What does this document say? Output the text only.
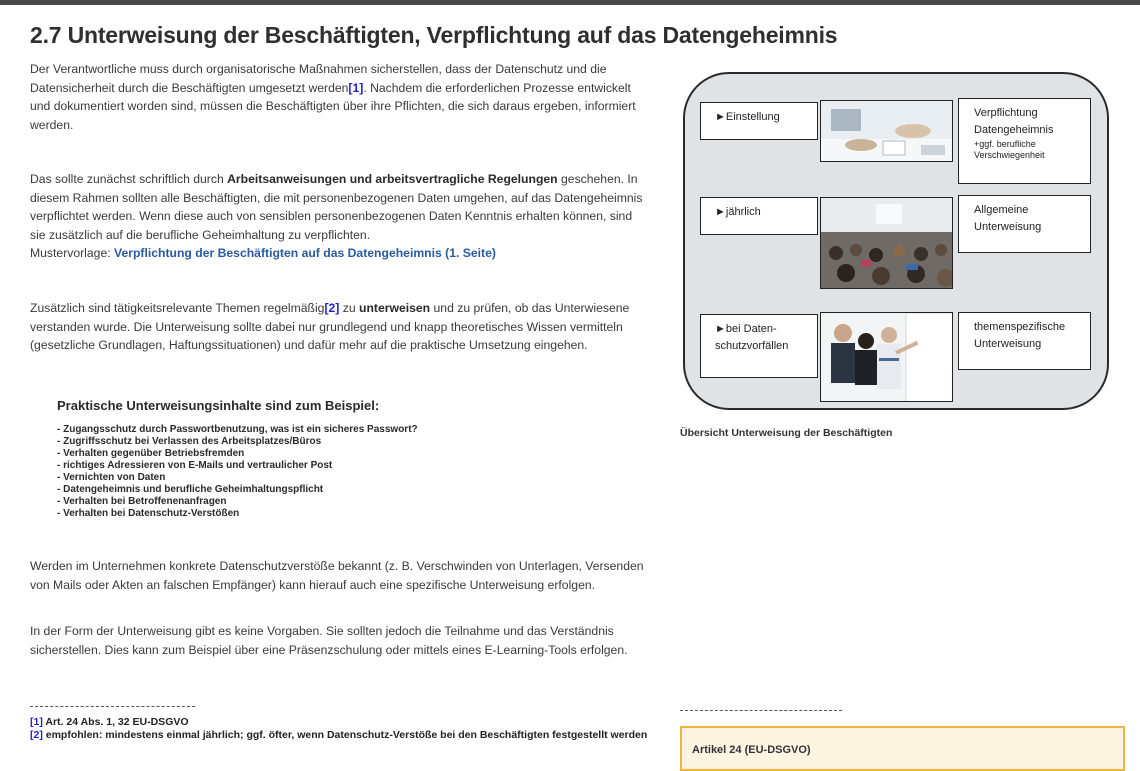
2.7 Unterweisung der Beschäftigten, Verpflichtung auf das Datengeheimnis

Der Verantwortliche muss durch organisatorische Maßnahmen sicherstellen, dass der Datenschutz und die Datensicherheit durch die Beschäftigten umgesetzt werden[1]. Nachdem die erforderlichen Prozesse entwickelt und dokumentiert worden sind, müssen die Beschäftigten über ihre Pflichten, die sich daraus ergeben, informiert werden.

Das sollte zunächst schriftlich durch Arbeitsanweisungen und arbeitsvertragliche Regelungen geschehen. In diesem Rahmen sollten alle Beschäftigten, die mit personenbezogenen Daten umgehen, auf das Datengeheimnis verpflichtet werden. Wenn diese auch von sensiblen personenbezogenen Daten Kenntnis erhalten können, sind sie zusätzlich auf die berufliche Geheimhaltung zu verpflichten.
Mustervorlage: Verpflichtung der Beschäftigten auf das Datengeheimnis (1. Seite)

Zusätzlich sind tätigkeitsrelevante Themen regelmäßig[2] zu unterweisen und zu prüfen, ob das Unterwiesene verstanden wurde. Die Unterweisung sollte dabei nur grundlegend und knapp theoretisches Wissen vermitteln (gesetzliche Grundlagen, Haftungssituationen) und dafür mehr auf die praktische Umsetzung eingehen.

Praktische Unterweisungsinhalte sind zum Beispiel:

- Zugangsschutz durch Passwortbenutzung, was ist ein sicheres Passwort?
- Zugriffsschutz bei Verlassen des Arbeitsplatzes/Büros
- Verhalten gegenüber Betriebsfremden
- richtiges Adressieren von E-Mails und vertraulicher Post
- Vernichten von Daten
- Datengeheimnis und berufliche Geheimhaltungspflicht
- Verhalten bei Betroffenenanfragen
- Verhalten bei Datenschutz-Verstößen

Werden im Unternehmen konkrete Datenschutzverstöße bekannt (z. B. Verschwinden von Unterlagen, Versenden von Mails oder Akten an falschen Empfänger) kann hierauf auch eine spezifische Unterweisung erfolgen.

In der Form der Unterweisung gibt es keine Vorgaben. Sie sollten jedoch die Teilnahme und das Verständnis sicherstellen. Dies kann zum Beispiel über eine Präsenzschulung oder mittels eines E-Learning-Tools erfolgen.

[1] Art. 24 Abs. 1, 32 EU-DSGVO
[2] empfohlen: mindestens einmal jährlich; ggf. öfter, wenn Datenschutz-Verstöße bei den Beschäftigten festgestellt werden
►Einstellung	Verpflichtung Datengeheimnis
+ggf. berufliche Verschwiegenheit
►jährlich	Allgemeine Unterweisung
►bei Daten-schutzvorfällen
themenspezifische Unterweisung

Übersicht Unterweisung der Beschäftigten

Artikel 24 (EU-DSGVO)
